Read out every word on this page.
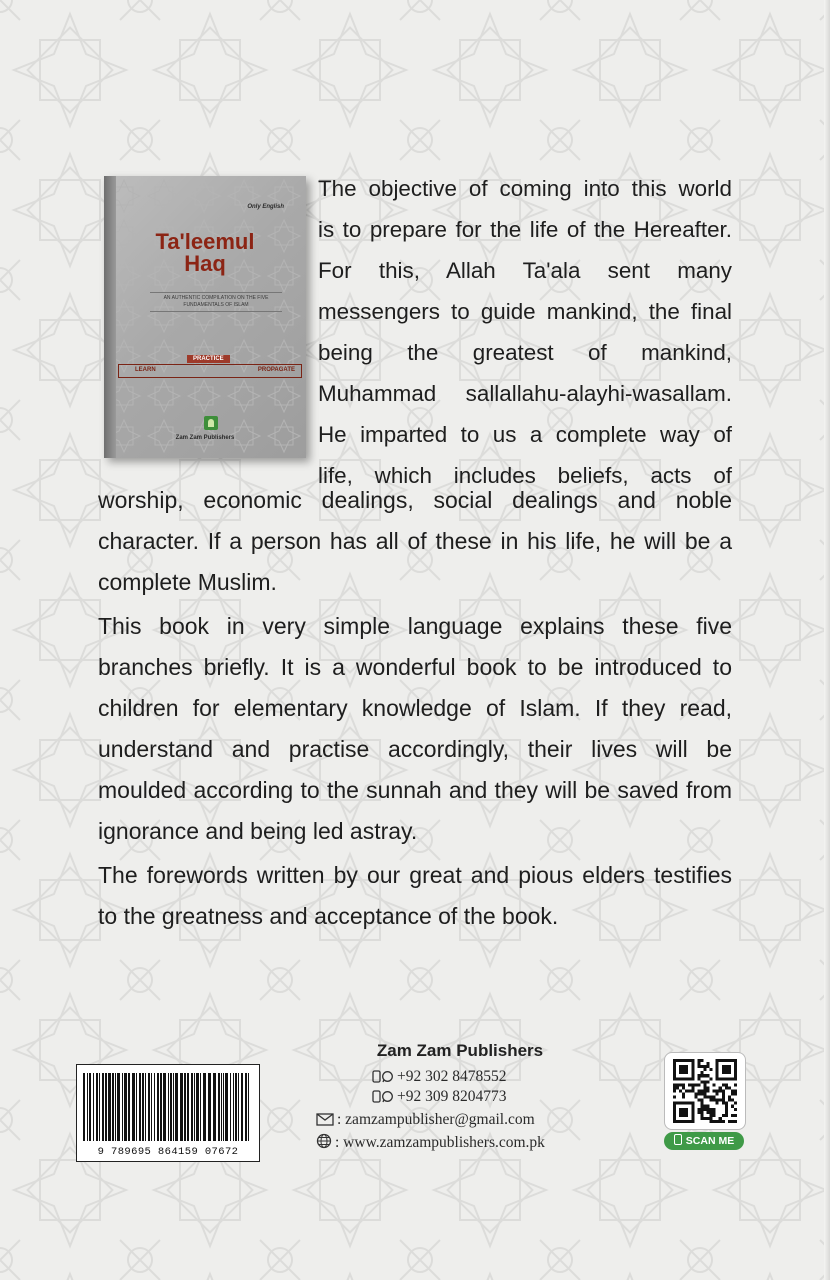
Only English
Ta'leemul
Haq
AN AUTHENTIC COMPILATION ON THE FIVE FUNDAMENTALS OF ISLAM
LEARN
PRACTICE
PROPAGATE
Zam Zam Publishers
The objective of coming into this world
is to prepare for the life of the Hereafter.
For this, Allah Ta'ala sent many
messengers to guide mankind, the final
being the greatest of mankind,
Muhammad sallallahu-alayhi-wasallam.
He imparted to us a complete way of
life, which includes beliefs, acts of
worship, economic dealings, social dealings and noble
character. If a person has all of these in his life, he will be a
complete Muslim.
This book in very simple language explains these five
branches briefly. It is a wonderful book to be introduced to
children for elementary knowledge of Islam. If they read,
understand and practise accordingly, their lives will be
moulded according to the sunnah and they will be saved from
ignorance and being led astray.
The forewords written by our great and pious elders testifies
to the greatness and acceptance of the book.
9 789695 864159 07672
Zam Zam Publishers
+92 302 8478552
+92 309 8204773
: zamzampublisher@gmail.com
: www.zamzampublishers.com.pk	SCAN ME
